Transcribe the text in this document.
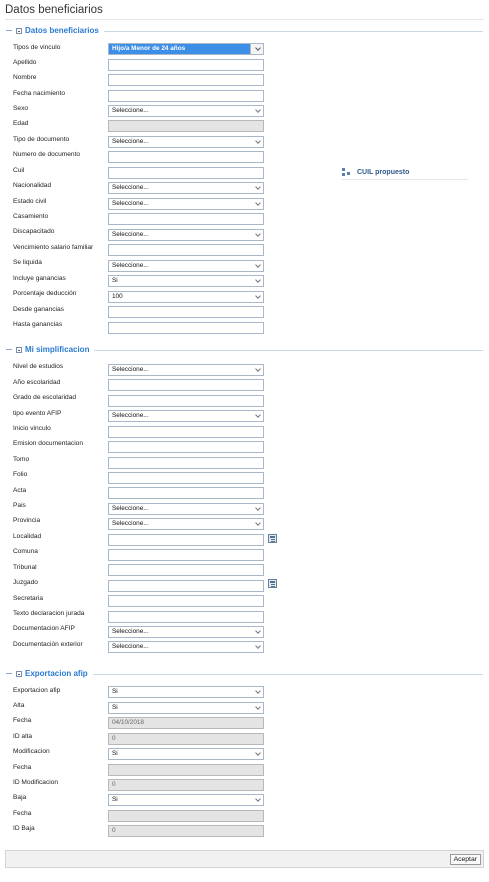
Datos beneficiarios
Datos beneficiarios
Tipos de vinculo	Hijo/a Menor de 24 años
Apellido
Nombre
Fecha nacimiento
Sexo	Seleccione...
Edad
Tipo de documento	Seleccione...
Numero de documento
Cuil	CUIL propuesto
Nacionalidad	Seleccione...
Estado civil	Seleccione...
Casamiento
Discapacitado	Seleccione...
Vencimiento salario familiar
Se liquida	Seleccione...
Incluye ganancias	Si
Porcentaje deducción	100
Desde ganancias
Hasta ganancias
Mi simplificacion
Nivel de estudios	Seleccione...
Año escolaridad
Grado de escolaridad
tipo evento AFIP	Seleccione...
Inicio vinculo
Emision documentacion
Tomo
Folio
Acta
Pais	Seleccione...
Provincia	Seleccione...
Localidad
Comuna
Tribunal
Juzgado
Secretaria
Texto declaracion jurada
Documentacion AFIP	Seleccione...
Documentación exterior	Seleccione...
Exportacion afip
Exportacion afip	Si
Alta	Si
Fecha	04/10/2018
ID alta	0
Modificacion	Si
Fecha
ID Modificacion	0
Baja	Si
Fecha
ID Baja	0
Aceptar
